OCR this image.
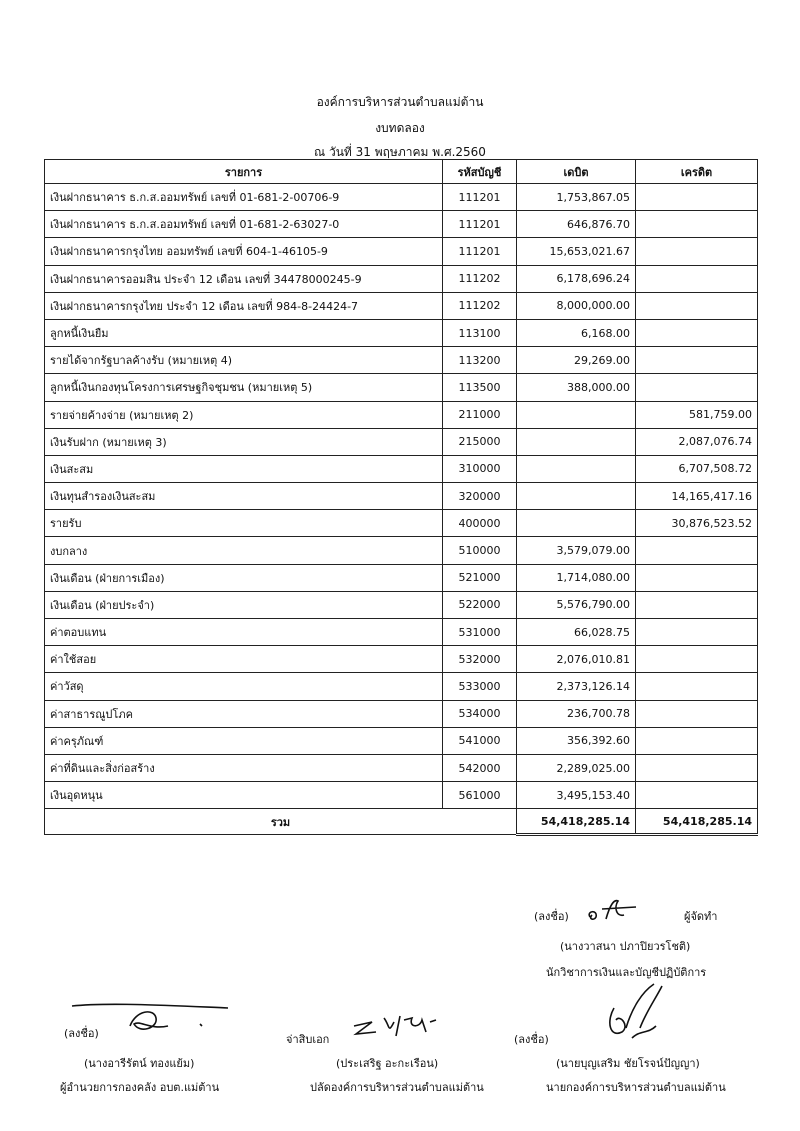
องค์การบริหารส่วนตำบลแม่ต้าน
งบทดลอง
ณ วันที่ 31 พฤษภาคม พ.ศ.2560
รายการ	รหัสบัญชี	เดบิต	เครดิต
เงินฝากธนาคาร ธ.ก.ส.ออมทรัพย์ เลขที่ 01-681-2-00706-9	111201	1,753,867.05	
เงินฝากธนาคาร ธ.ก.ส.ออมทรัพย์ เลขที่ 01-681-2-63027-0	111201	646,876.70	
เงินฝากธนาคารกรุงไทย ออมทรัพย์ เลขที่ 604-1-46105-9	111201	15,653,021.67	
เงินฝากธนาคารออมสิน ประจำ 12 เดือน เลขที่ 34478000245-9	111202	6,178,696.24	
เงินฝากธนาคารกรุงไทย ประจำ 12 เดือน เลขที่ 984-8-24424-7	111202	8,000,000.00	
ลูกหนี้เงินยืม	113100	6,168.00	
รายได้จากรัฐบาลค้างรับ (หมายเหตุ 4)	113200	29,269.00	
ลูกหนี้เงินกองทุนโครงการเศรษฐกิจชุมชน (หมายเหตุ 5)	113500	388,000.00	
รายจ่ายค้างจ่าย (หมายเหตุ 2)	211000		581,759.00
เงินรับฝาก (หมายเหตุ 3)	215000		2,087,076.74
เงินสะสม	310000		6,707,508.72
เงินทุนสำรองเงินสะสม	320000		14,165,417.16
รายรับ	400000		30,876,523.52
งบกลาง	510000	3,579,079.00	
เงินเดือน (ฝ่ายการเมือง)	521000	1,714,080.00	
เงินเดือน (ฝ่ายประจำ)	522000	5,576,790.00	
ค่าตอบแทน	531000	66,028.75	
ค่าใช้สอย	532000	2,076,010.81	
ค่าวัสดุ	533000	2,373,126.14	
ค่าสาธารณูปโภค	534000	236,700.78	
ค่าครุภัณฑ์	541000	356,392.60	
ค่าที่ดินและสิ่งก่อสร้าง	542000	2,289,025.00	
เงินอุดหนุน	561000	3,495,153.40	
รวม		54,418,285.14	54,418,285.14
(ลงชื่อ)	ผู้จัดทำ
(นางวาสนา ปภาปิยวรโชติ)
นักวิชาการเงินและบัญชีปฏิบัติการ
(ลงชื่อ)
(นางอารีรัตน์ ทองแย้ม)
ผู้อำนวยการกองคลัง อบต.แม่ต้าน
จ่าสิบเอก
(ประเสริฐ อะกะเรือน)
ปลัดองค์การบริหารส่วนตำบลแม่ต้าน
(ลงชื่อ)
(นายบุญเสริม ชัยโรจน์ปัญญา)
นายกองค์การบริหารส่วนตำบลแม่ต้าน
